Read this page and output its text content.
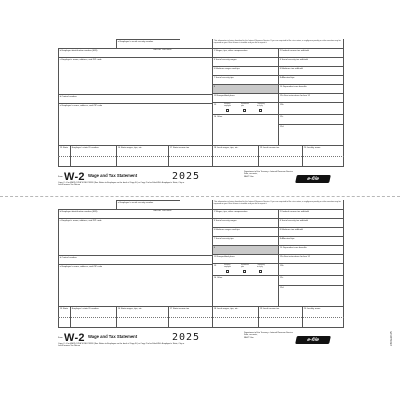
a Employee's social security number
OMB No. 1545-0008
This information is being furnished to the Internal Revenue Service. If you are required to file a tax return, a negligence penalty or other sanction may be imposed on you if this income is taxable and you fail to report it.
b Employer identification number (EIN)	1 Wages, tips, other compensation	2 Federal income tax withheld
c Employer's name, address, and ZIP code	3 Social security wages	4 Social security tax withheld
5 Medicare wages and tips	6 Medicare tax withheld
7 Social security tips	8 Allocated tips
d Control number
9	10 Dependent care benefits
e Employee's name, address, and ZIP code
11 Nonqualified plans	12a See instructions for box 12
13	Statutory employee
Retirement plan
Third-party sick pay
12b
14 Other	12c
12d
15 State	Employer's state ID number	16 State wages, tips, etc.	17 State income tax	18 Local wages, tips, etc.	19 Local income tax	20 Locality name
Form W-2 Wage and Tax Statement	2025
Copy C—For EMPLOYEE'S RECORDS (See Notice to Employee on the back of Copy B.) or Copy 2 to be Filed With Employee's State, City or Local Income Tax Return
Department of the Treasury—Internal Revenue Service
Safe, accurate,
FAST! Use	e-file
a Employee's social security number
OMB No. 1545-0008
This information is being furnished to the Internal Revenue Service. If you are required to file a tax return, a negligence penalty or other sanction may be imposed on you if this income is taxable and you fail to report it.
b Employer identification number (EIN)	1 Wages, tips, other compensation	2 Federal income tax withheld
c Employer's name, address, and ZIP code	3 Social security wages	4 Social security tax withheld
5 Medicare wages and tips	6 Medicare tax withheld
7 Social security tips	8 Allocated tips
d Control number
9	10 Dependent care benefits
e Employee's name, address, and ZIP code
11 Nonqualified plans	12a See instructions for box 12
13	Statutory employee
Retirement plan
Third-party sick pay
12b
14 Other	12c
12d
15 State	Employer's state ID number	16 State wages, tips, etc.	17 State income tax	18 Local wages, tips, etc.	19 Local income tax	20 Locality name
Form W-2 Wage and Tax Statement	2025
Copy C—For EMPLOYEE'S RECORDS (See Notice to Employee on the back of Copy B.) or Copy 2 to be Filed With Employee's State, City or Local Income Tax Return
Department of the Treasury—Internal Revenue Service
Safe, accurate,
FAST! Use	e-file	L5CE2C25
